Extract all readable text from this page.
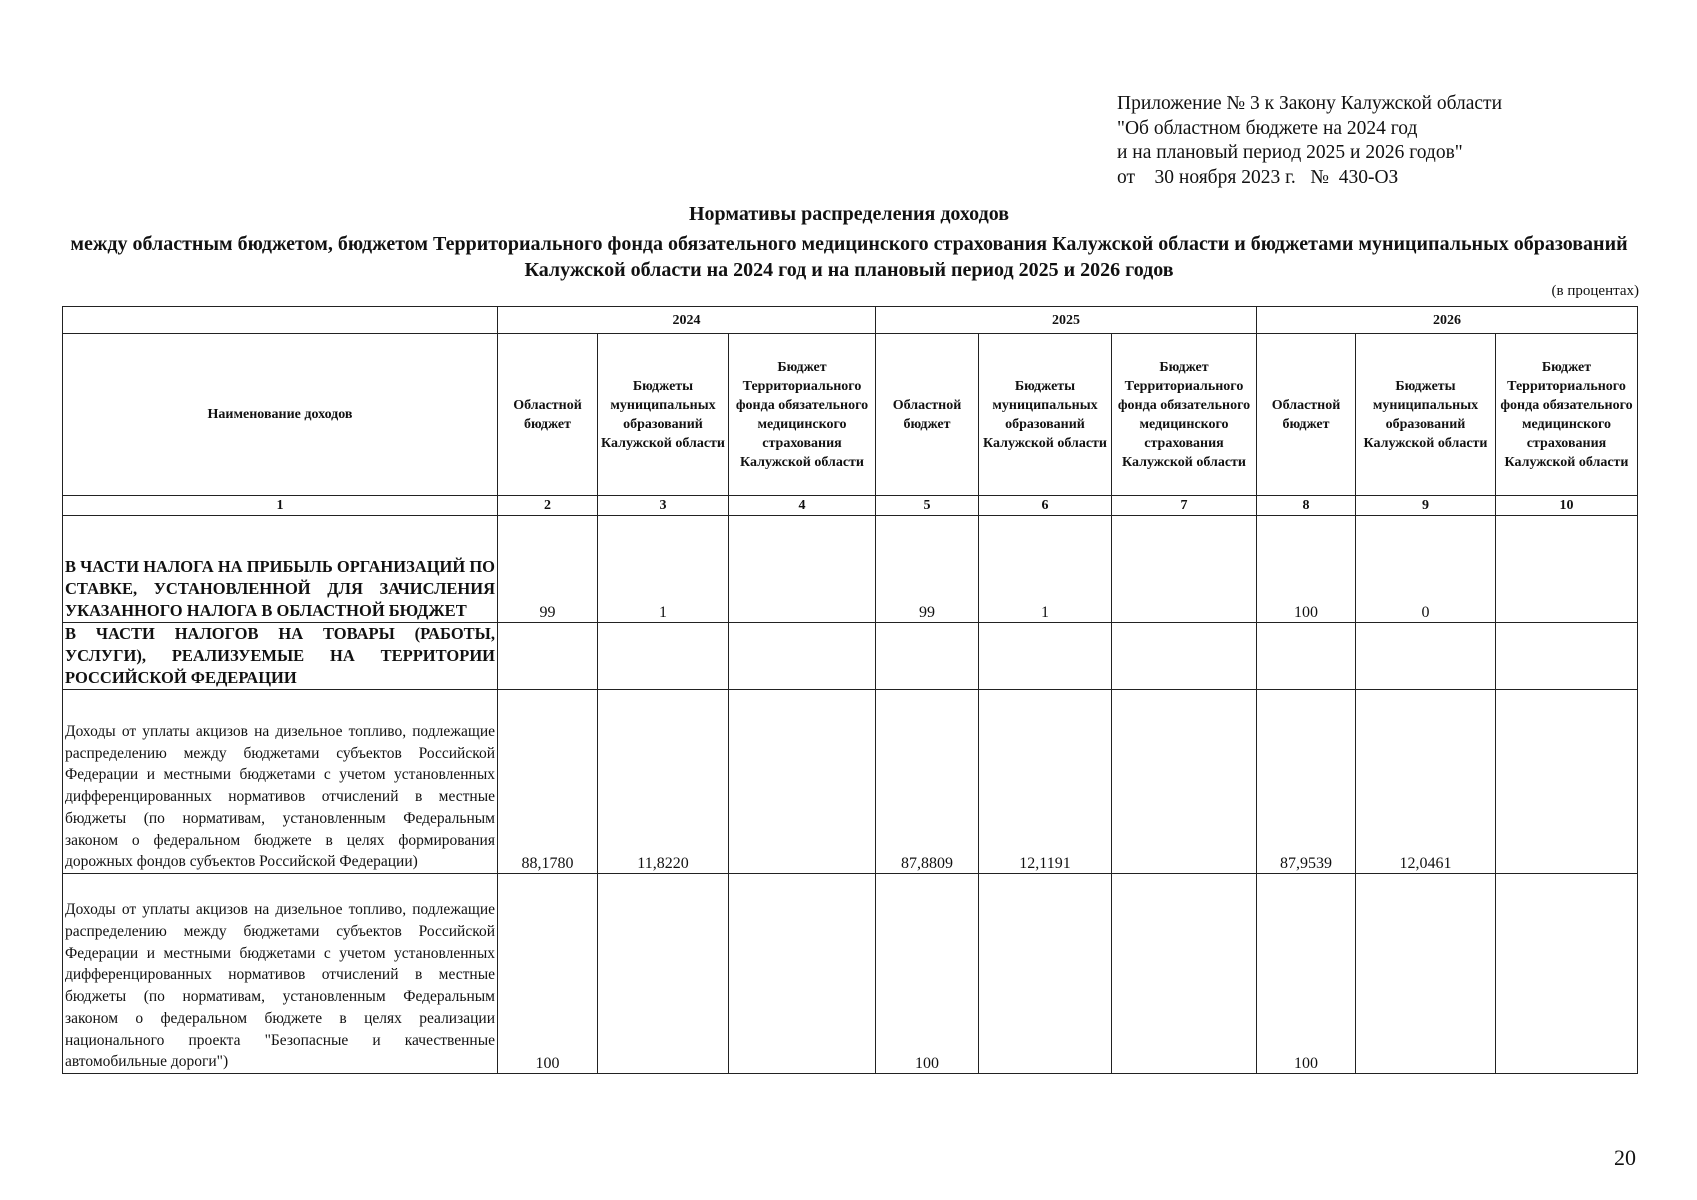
Приложение № 3 к Закону Калужской области
"Об областном бюджете на 2024 год
и на плановый период 2025 и 2026 годов"
от    30 ноября 2023 г.   №  430-ОЗ
Нормативы распределения доходов
между областным бюджетом, бюджетом Территориального фонда обязательного медицинского страхования Калужской области и бюджетами муниципальных образований Калужской области на 2024 год и на плановый период 2025 и 2026 годов
(в процентах)
	2024			2025			2026		
Наименование доходов	Областной бюджет	Бюджеты муниципальных образований Калужской области	Бюджет Территориального фонда обязательного медицинского страхования Калужской области	Областной бюджет	Бюджеты муниципальных образований Калужской области	Бюджет Территориального фонда обязательного медицинского страхования Калужской области	Областной бюджет	Бюджеты муниципальных образований Калужской области	Бюджет Территориального фонда обязательного медицинского страхования Калужской области
1	2	3	4	5	6	7	8	9	10
В ЧАСТИ НАЛОГА НА ПРИБЫЛЬ ОРГАНИЗАЦИЙ ПО СТАВКЕ, УСТАНОВЛЕННОЙ ДЛЯ ЗАЧИСЛЕНИЯ УКАЗАННОГО НАЛОГА В ОБЛАСТНОЙ БЮДЖЕТ	99	1		99	1		100	0	
В ЧАСТИ НАЛОГОВ НА ТОВАРЫ (РАБОТЫ, УСЛУГИ), РЕАЛИЗУЕМЫЕ НА ТЕРРИТОРИИ РОССИЙСКОЙ ФЕДЕРАЦИИ									
Доходы от уплаты акцизов на дизельное топливо, подлежащие распределению между бюджетами субъектов Российской Федерации и местными бюджетами с учетом установленных дифференцированных нормативов отчислений в местные бюджеты (по нормативам, установленным Федеральным законом о федеральном бюджете в целях формирования дорожных фондов субъектов Российской Федерации)	88,1780	11,8220		87,8809	12,1191		87,9539	12,0461	
Доходы от уплаты акцизов на дизельное топливо, подлежащие распределению между бюджетами субъектов Российской Федерации и местными бюджетами с учетом установленных дифференцированных нормативов отчислений в местные бюджеты (по нормативам, установленным Федеральным законом о федеральном бюджете в целях реализации национального проекта "Безопасные и качественные автомобильные дороги")	100			100			100		
20
